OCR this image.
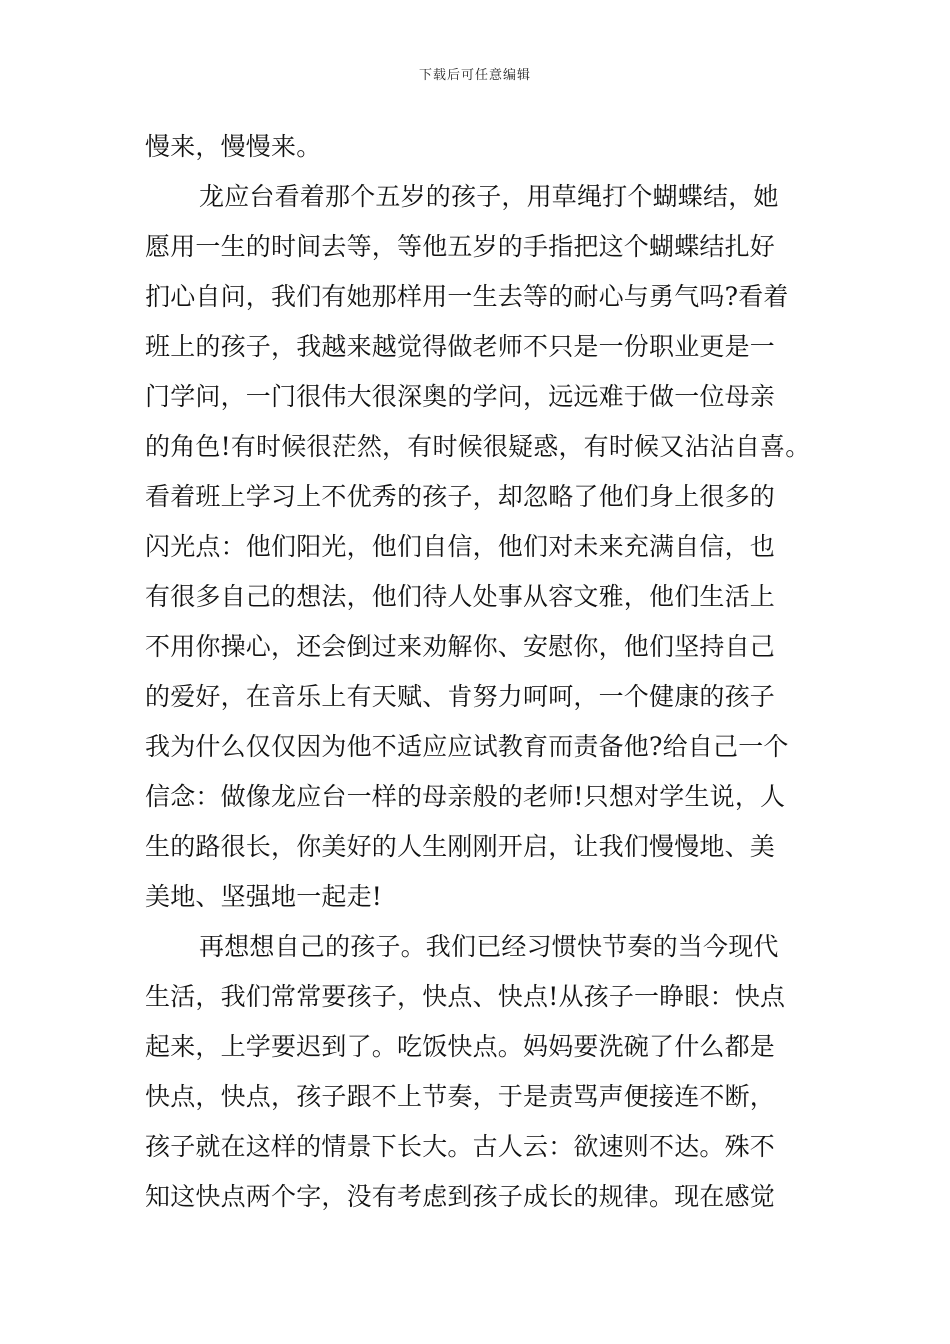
下载后可任意编辑
慢来，慢慢来。
龙应台看着那个五岁的孩子，用草绳打个蝴蝶结，她
愿用一生的时间去等，等他五岁的手指把这个蝴蝶结扎好
扪心自问，我们有她那样用一生去等的耐心与勇气吗?看着
班上的孩子，我越来越觉得做老师不只是一份职业更是一
门学问，一门很伟大很深奥的学问，远远难于做一位母亲
的角色!有时候很茫然，有时候很疑惑，有时候又沾沾自喜。
看着班上学习上不优秀的孩子，却忽略了他们身上很多的
闪光点：他们阳光，他们自信，他们对未来充满自信，也
有很多自己的想法，他们待人处事从容文雅，他们生活上
不用你操心，还会倒过来劝解你、安慰你，他们坚持自己
的爱好，在音乐上有天赋、肯努力呵呵，一个健康的孩子
我为什么仅仅因为他不适应应试教育而责备他?给自己一个
信念：做像龙应台一样的母亲般的老师!只想对学生说，人
生的路很长，你美好的人生刚刚开启，让我们慢慢地、美
美地、坚强地一起走!
再想想自己的孩子。我们已经习惯快节奏的当今现代
生活，我们常常要孩子，快点、快点!从孩子一睁眼：快点
起来，上学要迟到了。吃饭快点。妈妈要洗碗了什么都是
快点，快点，孩子跟不上节奏，于是责骂声便接连不断，
孩子就在这样的情景下长大。古人云：欲速则不达。殊不
知这快点两个字，没有考虑到孩子成长的规律。现在感觉
